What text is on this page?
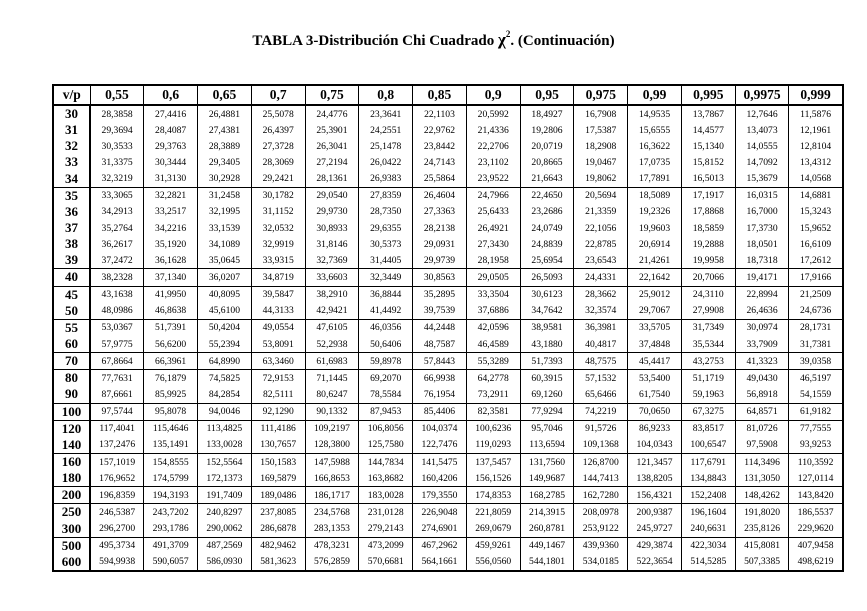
TABLA 3-Distribución Chi Cuadrado $\chi^2$. (Continuación)
v/p	0,55	0,6	0,65	0,7	0,75	0,8	0,85	0,9	0,95	0,975	0,99	0,995	0,9975	0,999
30	28,3858	27,4416	26,4881	25,5078	24,4776	23,3641	22,1103	20,5992	18,4927	16,7908	14,9535	13,7867	12,7646	11,5876
31	29,3694	28,4087	27,4381	26,4397	25,3901	24,2551	22,9762	21,4336	19,2806	17,5387	15,6555	14,4577	13,4073	12,1961
32	30,3533	29,3763	28,3889	27,3728	26,3041	25,1478	23,8442	22,2706	20,0719	18,2908	16,3622	15,1340	14,0555	12,8104
33	31,3375	30,3444	29,3405	28,3069	27,2194	26,0422	24,7143	23,1102	20,8665	19,0467	17,0735	15,8152	14,7092	13,4312
34	32,3219	31,3130	30,2928	29,2421	28,1361	26,9383	25,5864	23,9522	21,6643	19,8062	17,7891	16,5013	15,3679	14,0568
35	33,3065	32,2821	31,2458	30,1782	29,0540	27,8359	26,4604	24,7966	22,4650	20,5694	18,5089	17,1917	16,0315	14,6881
36	34,2913	33,2517	32,1995	31,1152	29,9730	28,7350	27,3363	25,6433	23,2686	21,3359	19,2326	17,8868	16,7000	15,3243
37	35,2764	34,2216	33,1539	32,0532	30,8933	29,6355	28,2138	26,4921	24,0749	22,1056	19,9603	18,5859	17,3730	15,9652
38	36,2617	35,1920	34,1089	32,9919	31,8146	30,5373	29,0931	27,3430	24,8839	22,8785	20,6914	19,2888	18,0501	16,6109
39	37,2472	36,1628	35,0645	33,9315	32,7369	31,4405	29,9739	28,1958	25,6954	23,6543	21,4261	19,9958	18,7318	17,2612
40	38,2328	37,1340	36,0207	34,8719	33,6603	32,3449	30,8563	29,0505	26,5093	24,4331	22,1642	20,7066	19,4171	17,9166
45	43,1638	41,9950	40,8095	39,5847	38,2910	36,8844	35,2895	33,3504	30,6123	28,3662	25,9012	24,3110	22,8994	21,2509
50	48,0986	46,8638	45,6100	44,3133	42,9421	41,4492	39,7539	37,6886	34,7642	32,3574	29,7067	27,9908	26,4636	24,6736
55	53,0367	51,7391	50,4204	49,0554	47,6105	46,0356	44,2448	42,0596	38,9581	36,3981	33,5705	31,7349	30,0974	28,1731
60	57,9775	56,6200	55,2394	53,8091	52,2938	50,6406	48,7587	46,4589	43,1880	40,4817	37,4848	35,5344	33,7909	31,7381
70	67,8664	66,3961	64,8990	63,3460	61,6983	59,8978	57,8443	55,3289	51,7393	48,7575	45,4417	43,2753	41,3323	39,0358
80	77,7631	76,1879	74,5825	72,9153	71,1445	69,2070	66,9938	64,2778	60,3915	57,1532	53,5400	51,1719	49,0430	46,5197
90	87,6661	85,9925	84,2854	82,5111	80,6247	78,5584	76,1954	73,2911	69,1260	65,6466	61,7540	59,1963	56,8918	54,1559
100	97,5744	95,8078	94,0046	92,1290	90,1332	87,9453	85,4406	82,3581	77,9294	74,2219	70,0650	67,3275	64,8571	61,9182
120	117,4041	115,4646	113,4825	111,4186	109,2197	106,8056	104,0374	100,6236	95,7046	91,5726	86,9233	83,8517	81,0726	77,7555
140	137,2476	135,1491	133,0028	130,7657	128,3800	125,7580	122,7476	119,0293	113,6594	109,1368	104,0343	100,6547	97,5908	93,9253
160	157,1019	154,8555	152,5564	150,1583	147,5988	144,7834	141,5475	137,5457	131,7560	126,8700	121,3457	117,6791	114,3496	110,3592
180	176,9652	174,5799	172,1373	169,5879	166,8653	163,8682	160,4206	156,1526	149,9687	144,7413	138,8205	134,8843	131,3050	127,0114
200	196,8359	194,3193	191,7409	189,0486	186,1717	183,0028	179,3550	174,8353	168,2785	162,7280	156,4321	152,2408	148,4262	143,8420
250	246,5387	243,7202	240,8297	237,8085	234,5768	231,0128	226,9048	221,8059	214,3915	208,0978	200,9387	196,1604	191,8020	186,5537
300	296,2700	293,1786	290,0062	286,6878	283,1353	279,2143	274,6901	269,0679	260,8781	253,9122	245,9727	240,6631	235,8126	229,9620
500	495,3734	491,3709	487,2569	482,9462	478,3231	473,2099	467,2962	459,9261	449,1467	439,9360	429,3874	422,3034	415,8081	407,9458
600	594,9938	590,6057	586,0930	581,3623	576,2859	570,6681	564,1661	556,0560	544,1801	534,0185	522,3654	514,5285	507,3385	498,6219
